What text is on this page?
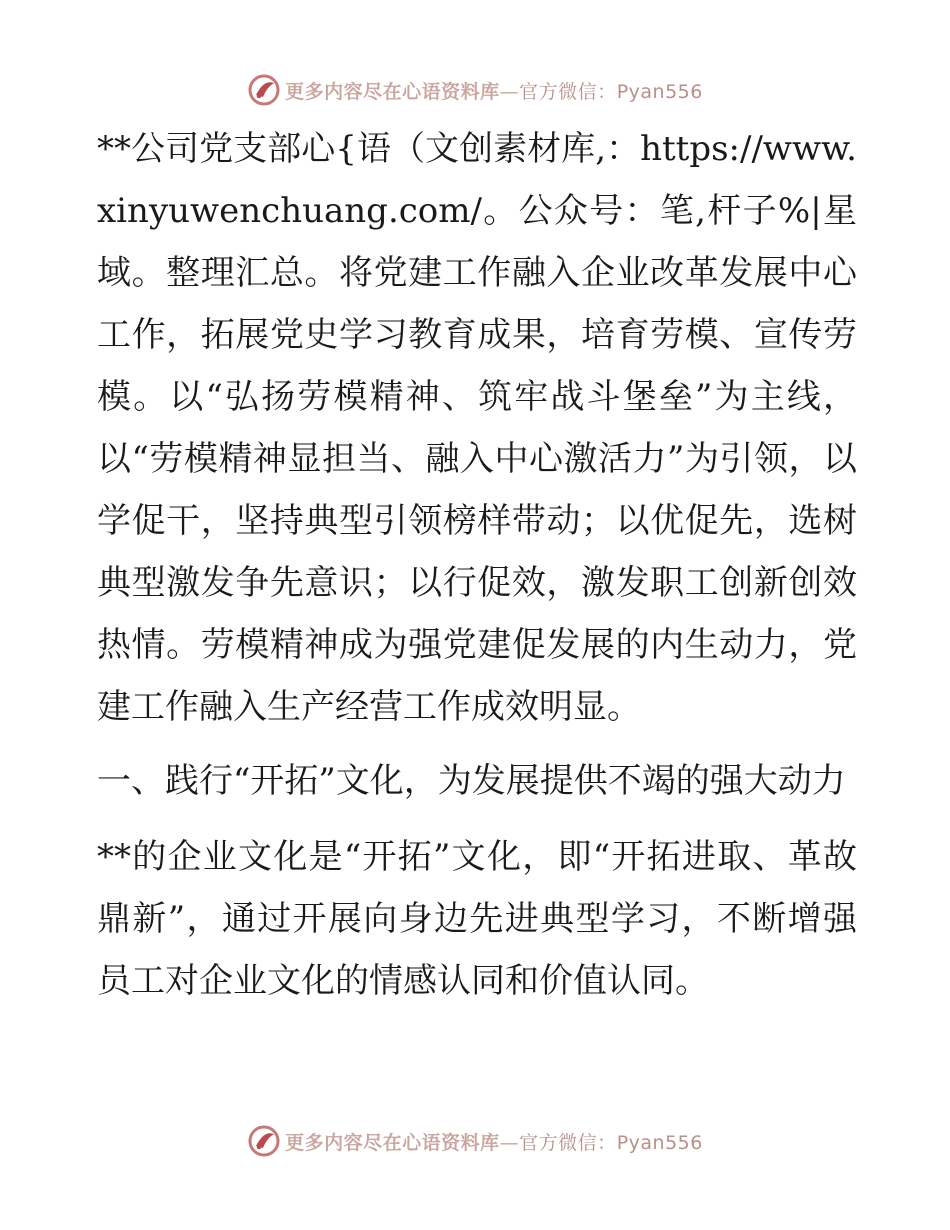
更多内容尽在心语资料库—官方微信：Pyan556

**公司党支部心{语（文创素材库,：https://www.xinyuwenchuang.com/。公众号：笔,杆子%|星域。整理汇总。将党建工作融入企业改革发展中心工作，拓展党史学习教育成果，培育劳模、宣传劳模。以“弘扬劳模精神、筑牢战斗堡垒”为主线，以“劳模精神显担当、融入中心激活力”为引领，以学促干，坚持典型引领榜样带动；以优促先，选树典型激发争先意识；以行促效，激发职工创新创效热情。劳模精神成为强党建促发展的内生动力，党建工作融入生产经营工作成效明显。

一、践行“开拓”文化，为发展提供不竭的强大动力

**的企业文化是“开拓”文化，即“开拓进取、革故鼎新”，通过开展向身边先进典型学习，不断增强员工对企业文化的情感认同和价值认同。

更多内容尽在心语资料库—官方微信：Pyan556
